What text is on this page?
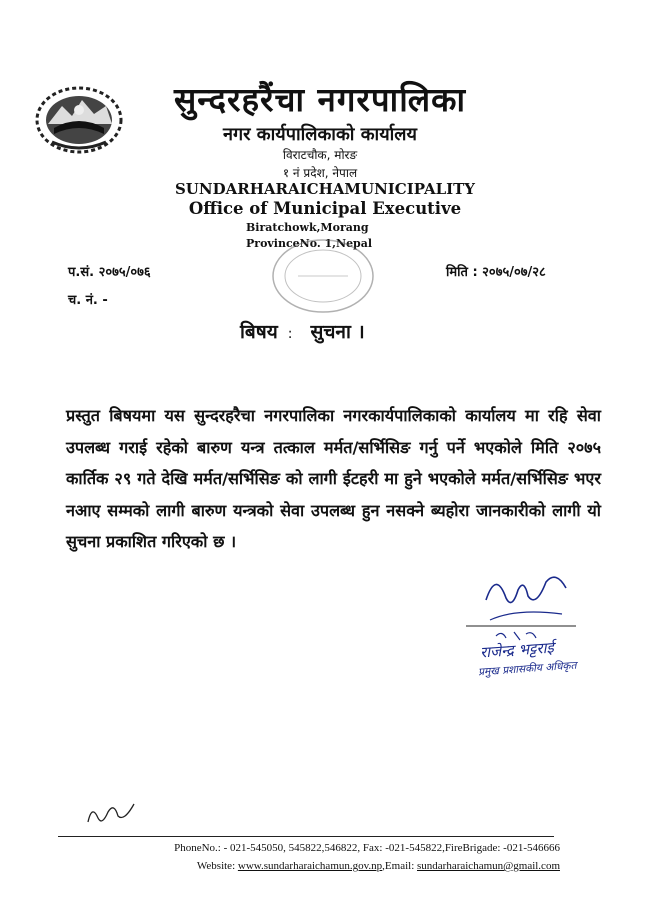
सुन्दरहरैंचा नगरपालिका
नगर कार्यपालिकाको कार्यालय
विराटचौक, मोरङ
१ नं प्रदेश, नेपाल
SUNDARHARAICHAMUNICIPALITY
Office of Municipal Executive
Biratchowk,Morang
ProvinceNo. 1,Nepal
प.सं. २०७५/०७६
च. नं. -
मिति : २०७५/०७/२८
बिषय : सुचना ।
प्रस्तुत बिषयमा यस सुन्दरहरैचा नगरपालिका नगरकार्यपालिकाको कार्यालय मा रहि सेवा उपलब्ध गराई रहेको बारुण यन्त्र तत्काल मर्मत/सर्भिसिङ गर्नु पर्ने भएकोले मिति २०७५ कार्तिक २९ गते देखि मर्मत/सर्भिसिङ को लागी ईटहरी मा हुने भएकोले मर्मत/सर्भिसिङ भएर नआए सम्मको लागी बारुण यन्त्रको सेवा उपलब्ध हुन नसक्ने ब्यहोरा जानकारीको लागी यो सुचना प्रकाशित गरिएको छ ।
राजेन्द्र भट्टराई
प्रमुख प्रशासकीय अधिकृत
PhoneNo.: - 021-545050, 545822,546822, Fax: -021-545822,FireBrigade: -021-546666
Website: www.sundarharaichamun.gov.np,Email: sundarharaichamun@gmail.com
